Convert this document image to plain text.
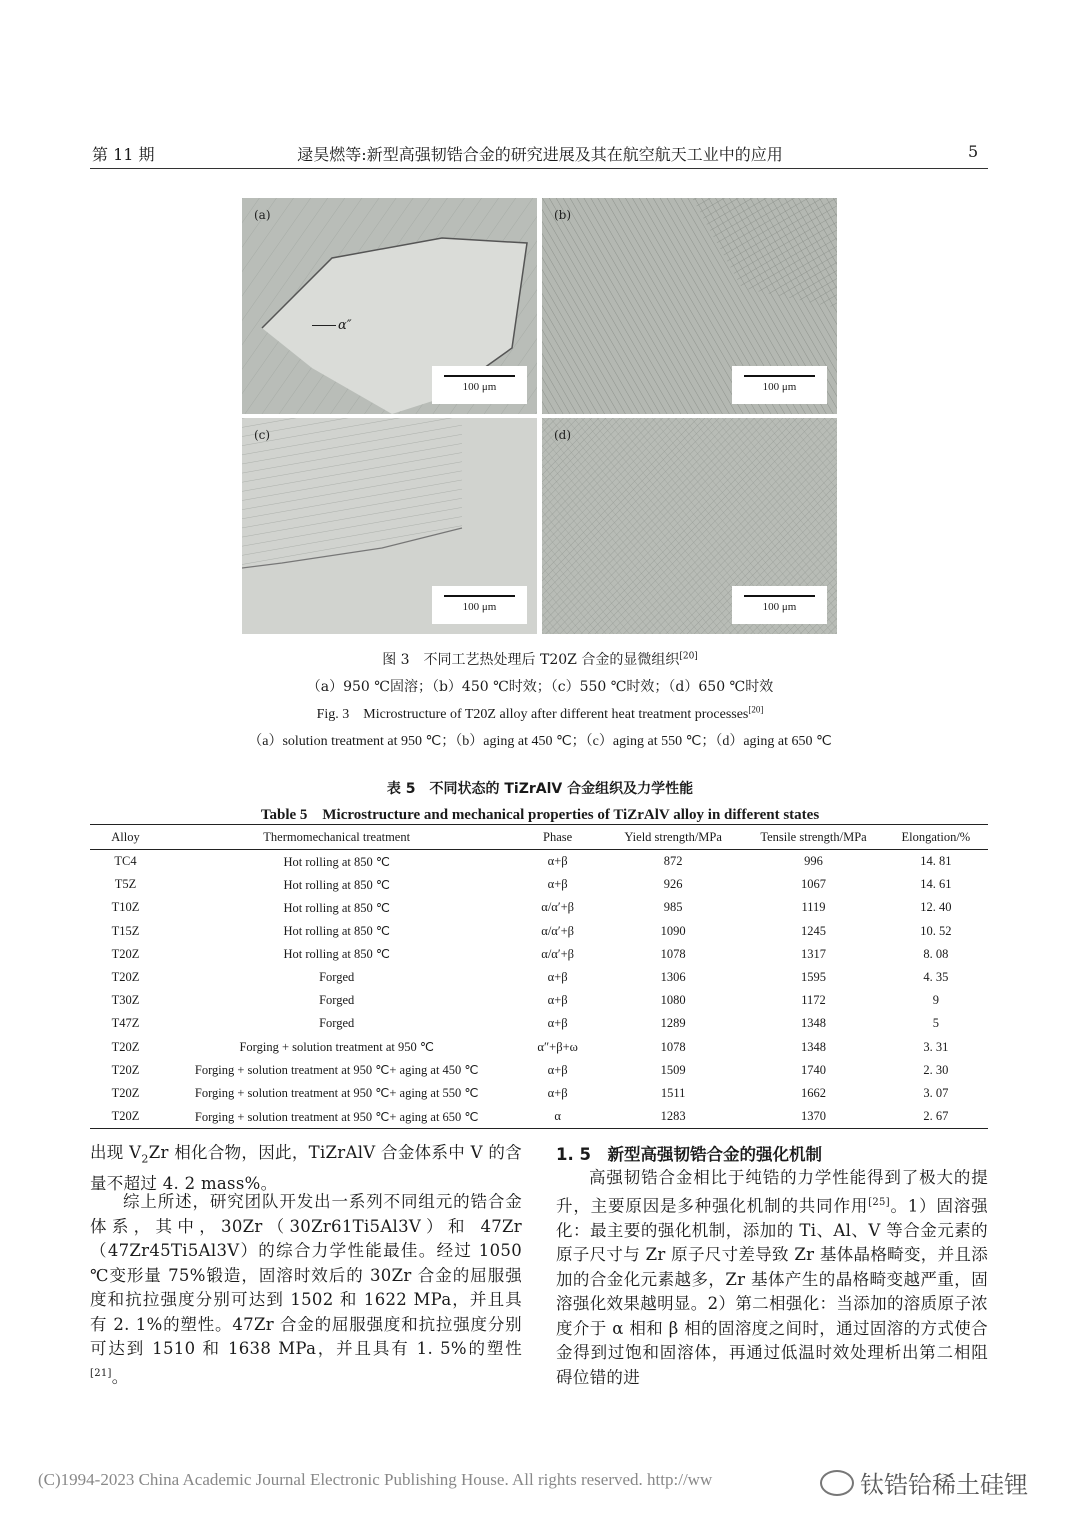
第 11 期	逯昊燃等:新型高强韧锆合金的研究进展及其在航空航天工业中的应用	5
(a)
α″
100 μm
(b)
100 μm
(c)
100 μm
(d)
100 μm
图 3　不同工艺热处理后 T20Z 合金的显微组织[20]
（a）950 ℃固溶；（b）450 ℃时效；（c）550 ℃时效；（d）650 ℃时效
Fig. 3　Microstructure of T20Z alloy after different heat treatment processes[20]
（a）solution treatment at 950 ℃；（b）aging at 450 ℃；（c）aging at 550 ℃；（d）aging at 650 ℃
表 5　不同状态的 TiZrAlV 合金组织及力学性能
Table 5　Microstructure and mechanical properties of TiZrAlV alloy in different states
Alloy	Thermomechanical treatment	Phase	Yield strength/MPa	Tensile strength/MPa	Elongation/%
TC4	Hot rolling at 850 ℃	α+β	872	996	14. 81
T5Z	Hot rolling at 850 ℃	α+β	926	1067	14. 61
T10Z	Hot rolling at 850 ℃	α/α′+β	985	1119	12. 40
T15Z	Hot rolling at 850 ℃	α/α′+β	1090	1245	10. 52
T20Z	Hot rolling at 850 ℃	α/α′+β	1078	1317	8. 08
T20Z	Forged	α+β	1306	1595	4. 35
T30Z	Forged	α+β	1080	1172	9
T47Z	Forged	α+β	1289	1348	5
T20Z	Forging + solution treatment at 950 ℃	α″+β+ω	1078	1348	3. 31
T20Z	Forging + solution treatment at 950 ℃+ aging at 450 ℃	α+β	1509	1740	2. 30
T20Z	Forging + solution treatment at 950 ℃+ aging at 550 ℃	α+β	1511	1662	3. 07
T20Z	Forging + solution treatment at 950 ℃+ aging at 650 ℃	α	1283	1370	2. 67
出现 $V_2Zr$ 相化合物，因此，TiZrAlV 合金体系中 V 的含量不超过 4. 2 mass%。
综上所述，研究团队开发出一系列不同组元的锆合金体系，其中，30Zr（30Zr61Ti5Al3V）和 47Zr（47Zr45Ti5Al3V）的综合力学性能最佳。经过 1050 ℃变形量 75%锻造，固溶时效后的 30Zr 合金的屈服强度和抗拉强度分别可达到 1502 和 1622 MPa，并且具有 2. 1%的塑性。47Zr 合金的屈服强度和抗拉强度分别可达到 1510 和 1638 MPa，并且具有 1. 5%的塑性[21]。
1. 5　新型高强韧锆合金的强化机制
高强韧锆合金相比于纯锆的力学性能得到了极大的提升，主要原因是多种强化机制的共同作用[25]。1）固溶强化：最主要的强化机制，添加的 Ti、Al、V 等合金元素的原子尺寸与 Zr 原子尺寸差导致 Zr 基体晶格畸变，并且添加的合金化元素越多，Zr 基体产生的晶格畸变越严重，固溶强化效果越明显。2）第二相强化：当添加的溶质原子浓度介于 α 相和 β 相的固溶度之间时，通过固溶的方式使合金得到过饱和固溶体，再通过低温时效处理析出第二相阻碍位错的进
(C)1994-2023 China Academic Journal Electronic Publishing House. All rights reserved. http://ww	钛锆铪稀土硅锂
